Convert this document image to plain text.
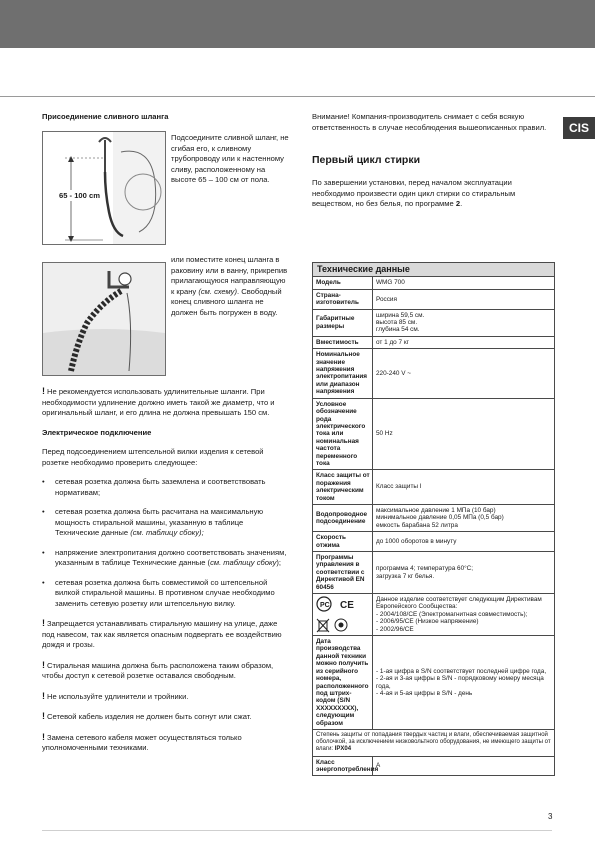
CIS
Присоединение сливного шланга
65 - 100 cm
Подсоедините сливной шланг, не сгибая его, к сливному трубопроводу или к настенному сливу, расположенному на высоте 65 – 100 см от пола.
или поместите конец шланга в раковину или в ванну, прикрепив прилагающуюся направляющую к крану (см. схему). Свободный конец сливного шланга не должен быть погружен в воду.

! Не рекомендуется использовать удлинительные шланги. При необходимости удлинение должно иметь такой же диаметр, что и оригинальный шланг, и его длина не должна превышать 150 см.

Электрическое подключение

Перед подсоединением штепсельной вилки изделия к сетевой розетке необходимо проверить следующее:

• сетевая розетка должна быть заземлена и соответствовать нормативам;
• сетевая розетка должна быть расчитана на максимальную мощность стиральной машины, указанную в таблице Технические данные (см. таблицу сбоку);
• напряжение электропитания должно соответствовать значениям, указанным в таблице Технические данные (см. таблицу сбоку);
• сетевая розетка должна быть совместимой со штепсельной вилкой стиральной машины. В противном случае необходимо заменить сетевую розетку или штепсельную вилку.

! Запрещается устанавливать стиральную машину на улице, даже под навесом, так как является опасным подвергать ее воздействию дождя и грозы.

! Стиральная машина должна быть расположена таким образом, чтобы доступ к сетевой розетке оставался свободным.

! Не используйте удлинители и тройники.

! Сетевой кабель изделия не должен быть согнут или сжат.

! Замена сетевого кабеля может осуществляться только уполномоченными техниками.

Внимание! Компания-производитель снимает с себя всякую ответственность в случае несоблюдения вышеописанных правил.

Первый цикл стирки
По завершении установки, перед началом эксплуатации необходимо произвести один цикл стирки со стиральным веществом, но без белья, по программе 2.
Технические данные
Модель	WMG 700
Страна-изготовитель
Россия
Габаритные размеры
ширина 59,5 см.
высота 85 см.
глубина 54 см.
Вместимость	от 1 до 7 кг
Номинальное значение напряжения электропитания или диапазон напряжения
220-240 V ~
Условное обозначение рода электрического тока или номинальная частота переменного тока
50 Hz
Класс защиты от поражения электрическим током
Класс защиты I
Водопроводное подсоединение
максимальное давление 1 МПа (10 бар)
минимальное давление 0,05 МПа (0,5 бар)
емкость барабана 52 литра
Скорость отжима
до 1000 оборотов в минуту
Программы управления в соответствии с Директивой EN 60456
программа 4; температура 60°С;
загрузка 7 кг белья.
PC CE
Данное изделие соответствует следующим Директивам Европейского Сообщества:
- 2004/108/CE (Электромагнитная совместимость);
- 2006/95/CE (Низкое напряжение)
- 2002/96/CE
Дата производства данной техники можно получить из серийного номера, расположенного под штрих-кодом (S/N XXXXXXXXX), следующим образом
- 1-ая цифра в S/N соответствует последней цифре года,
- 2-ая и 3-ая цифры в S/N - порядковому номеру месяца года,
- 4-ая и 5-ая цифры в S/N - день
Степень защиты от попадания твердых частиц и влаги, обеспечиваемая защитной оболочкой, за исключением низковольтного оборудования, не имеющего защиты от влаги: IPX04
Класс энергопотребления
A
3
